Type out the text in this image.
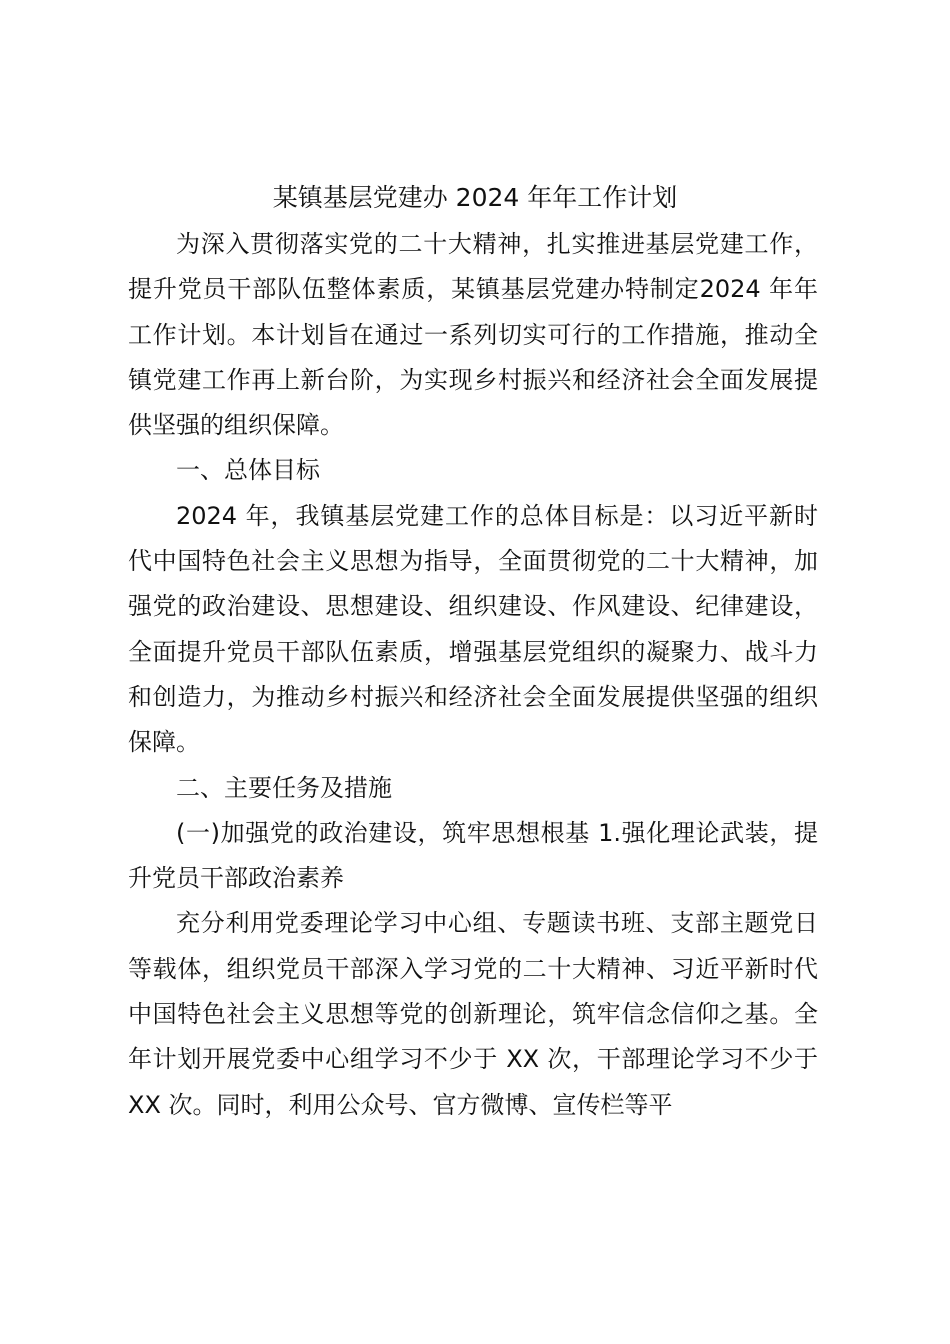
某镇基层党建办 2024 年年工作计划

为深入贯彻落实党的二十大精神，扎实推进基层党建工作，提升党员干部队伍整体素质，某镇基层党建办特制定2024 年年工作计划。本计划旨在通过一系列切实可行的工作措施，推动全镇党建工作再上新台阶，为实现乡村振兴和经济社会全面发展提供坚强的组织保障。

一、总体目标

2024 年，我镇基层党建工作的总体目标是：以习近平新时代中国特色社会主义思想为指导，全面贯彻党的二十大精神，加强党的政治建设、思想建设、组织建设、作风建设、纪律建设，全面提升党员干部队伍素质，增强基层党组织的凝聚力、战斗力和创造力，为推动乡村振兴和经济社会全面发展提供坚强的组织保障。

二、主要任务及措施

(一)加强党的政治建设，筑牢思想根基 1.强化理论武装，提升党员干部政治素养

充分利用党委理论学习中心组、专题读书班、支部主题党日等载体，组织党员干部深入学习党的二十大精神、习近平新时代中国特色社会主义思想等党的创新理论，筑牢信念信仰之基。全年计划开展党委中心组学习不少于 XX 次，干部理论学习不少于 XX 次。同时，利用公众号、官方微博、宣传栏等平
